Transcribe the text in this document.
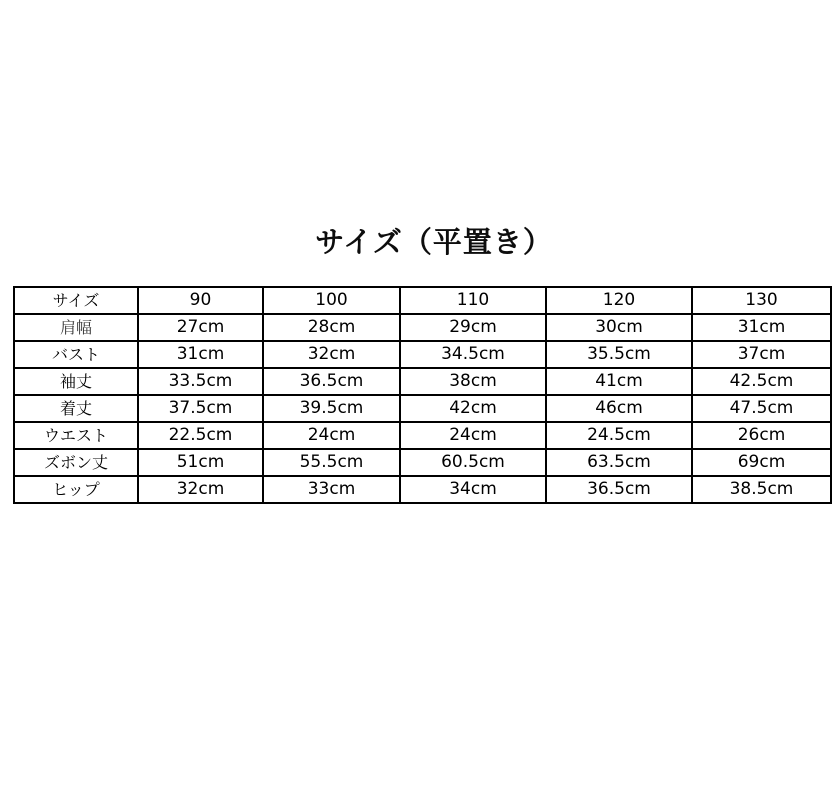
サイズ（平置き）
サイズ	90	100	110	120	130
肩幅	27cm	28cm	29cm	30cm	31cm
バスト	31cm	32cm	34.5cm	35.5cm	37cm
袖丈	33.5cm	36.5cm	38cm	41cm	42.5cm
着丈	37.5cm	39.5cm	42cm	46cm	47.5cm
ウエスト	22.5cm	24cm	24cm	24.5cm	26cm
ズボン丈	51cm	55.5cm	60.5cm	63.5cm	69cm
ヒップ	32cm	33cm	34cm	36.5cm	38.5cm
